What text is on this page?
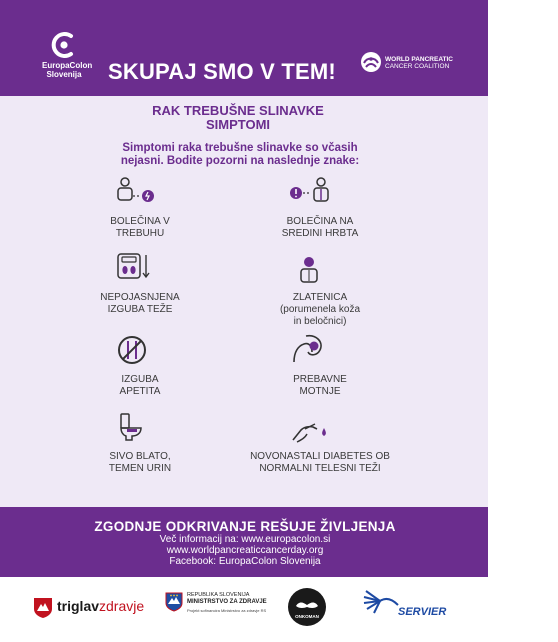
EuropaColon
Slovenija SKUPAJ SMO V TEM!	WORLD PANCREATIC
CANCER COALITION
RAK TREBUŠNE SLINAVKE
SIMPTOMI
Simptomi raka trebušne slinavke so včasih
nejasni. Bodite pozorni na naslednje znake:
BOLEČINA V
TREBUHU
BOLEČINA NA
SREDINI HRBTA
NEPOJASNJENA
IZGUBA TEŽE
ZLATENICA
(porumenela koža
in beločnici)
IZGUBA
APETITA
PREBAVNE
MOTNJE
SIVO BLATO,
TEMEN URIN
NOVONASTALI DIABETES OB
NORMALNI TELESNI TEŽI
ZGODNJE ODKRIVANJE REŠUJE ŽIVLJENJA
Več informacij na: www.europacolon.si
www.worldpancreaticcancerday.org
Facebook: EuropaColon Slovenija
triglavzdravje
REPUBLIKA SLOVENIJA
MINISTRSTVO ZA ZDRAVJE
Projekt sofinancira Ministrstvo za zdravje RS
ONKOMAN	SERVIER
